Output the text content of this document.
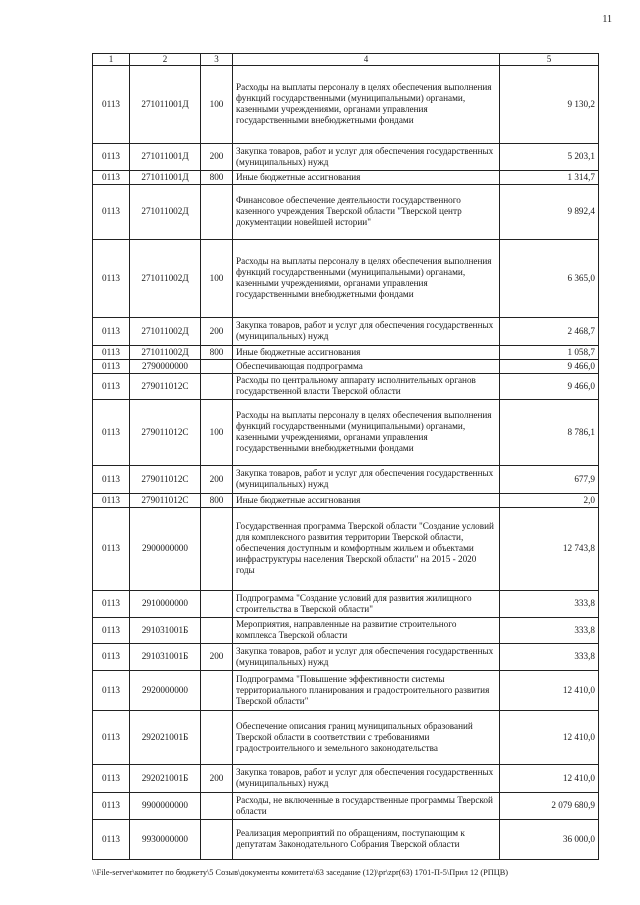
11
1	2	3	4	5
0113	271011001Д	100	Расходы на выплаты персоналу в целях обеспечения выполнения функций государственными (муниципальными) органами, казенными учреждениями, органами управления государственными внебюджетными фондами	9 130,2
0113	271011001Д	200	Закупка товаров, работ и услуг для обеспечения государственных (муниципальных) нужд	5 203,1
0113	271011001Д	800	Иные бюджетные ассигнования	1 314,7
0113	271011002Д		Финансовое обеспечение деятельности государственного казенного учреждения Тверской области "Тверской центр документации новейшей истории"	9 892,4
0113	271011002Д	100	Расходы на выплаты персоналу в целях обеспечения выполнения функций государственными (муниципальными) органами, казенными учреждениями, органами управления государственными внебюджетными фондами	6 365,0
0113	271011002Д	200	Закупка товаров, работ и услуг для обеспечения государственных (муниципальных) нужд	2 468,7
0113	271011002Д	800	Иные бюджетные ассигнования	1 058,7
0113	2790000000		Обеспечивающая подпрограмма	9 466,0
0113	279011012С		Расходы по центральному аппарату исполнительных органов государственной власти Тверской области	9 466,0
0113	279011012С	100	Расходы на выплаты персоналу в целях обеспечения выполнения функций государственными (муниципальными) органами, казенными учреждениями, органами управления государственными внебюджетными фондами	8 786,1
0113	279011012С	200	Закупка товаров, работ и услуг для обеспечения государственных (муниципальных) нужд	677,9
0113	279011012С	800	Иные бюджетные ассигнования	2,0
0113	2900000000		Государственная программа Тверской области "Создание условий для комплексного развития территории Тверской области, обеспечения доступным и комфортным жильем и объектами инфраструктуры населения Тверской области" на 2015 - 2020 годы	12 743,8
0113	2910000000		Подпрограмма "Создание условий для развития жилищного строительства в Тверской области"	333,8
0113	291031001Б		Мероприятия, направленные на развитие строительного комплекса Тверской области	333,8
0113	291031001Б	200	Закупка товаров, работ и услуг для обеспечения государственных (муниципальных) нужд	333,8
0113	2920000000		Подпрограмма "Повышение эффективности системы территориального планирования и градостроительного развития Тверской области"	12 410,0
0113	292021001Б		Обеспечение описания границ муниципальных образований Тверской области в соответствии с требованиями градостроительного и земельного законодательства	12 410,0
0113	292021001Б	200	Закупка товаров, работ и услуг для обеспечения государственных (муниципальных) нужд	12 410,0
0113	9900000000		Расходы, не включенные в государственные программы Тверской области	2 079 680,9
0113	9930000000		Реализация мероприятий по обращениям, поступающим к депутатам Законодательного Собрания Тверской области	36 000,0
\\File-server\комитет по бюджету\5 Созыв\документы комитета\63 заседание (12)\pr\zpr(63) 1701-П-5\Прил 12 (РПЦВ)
